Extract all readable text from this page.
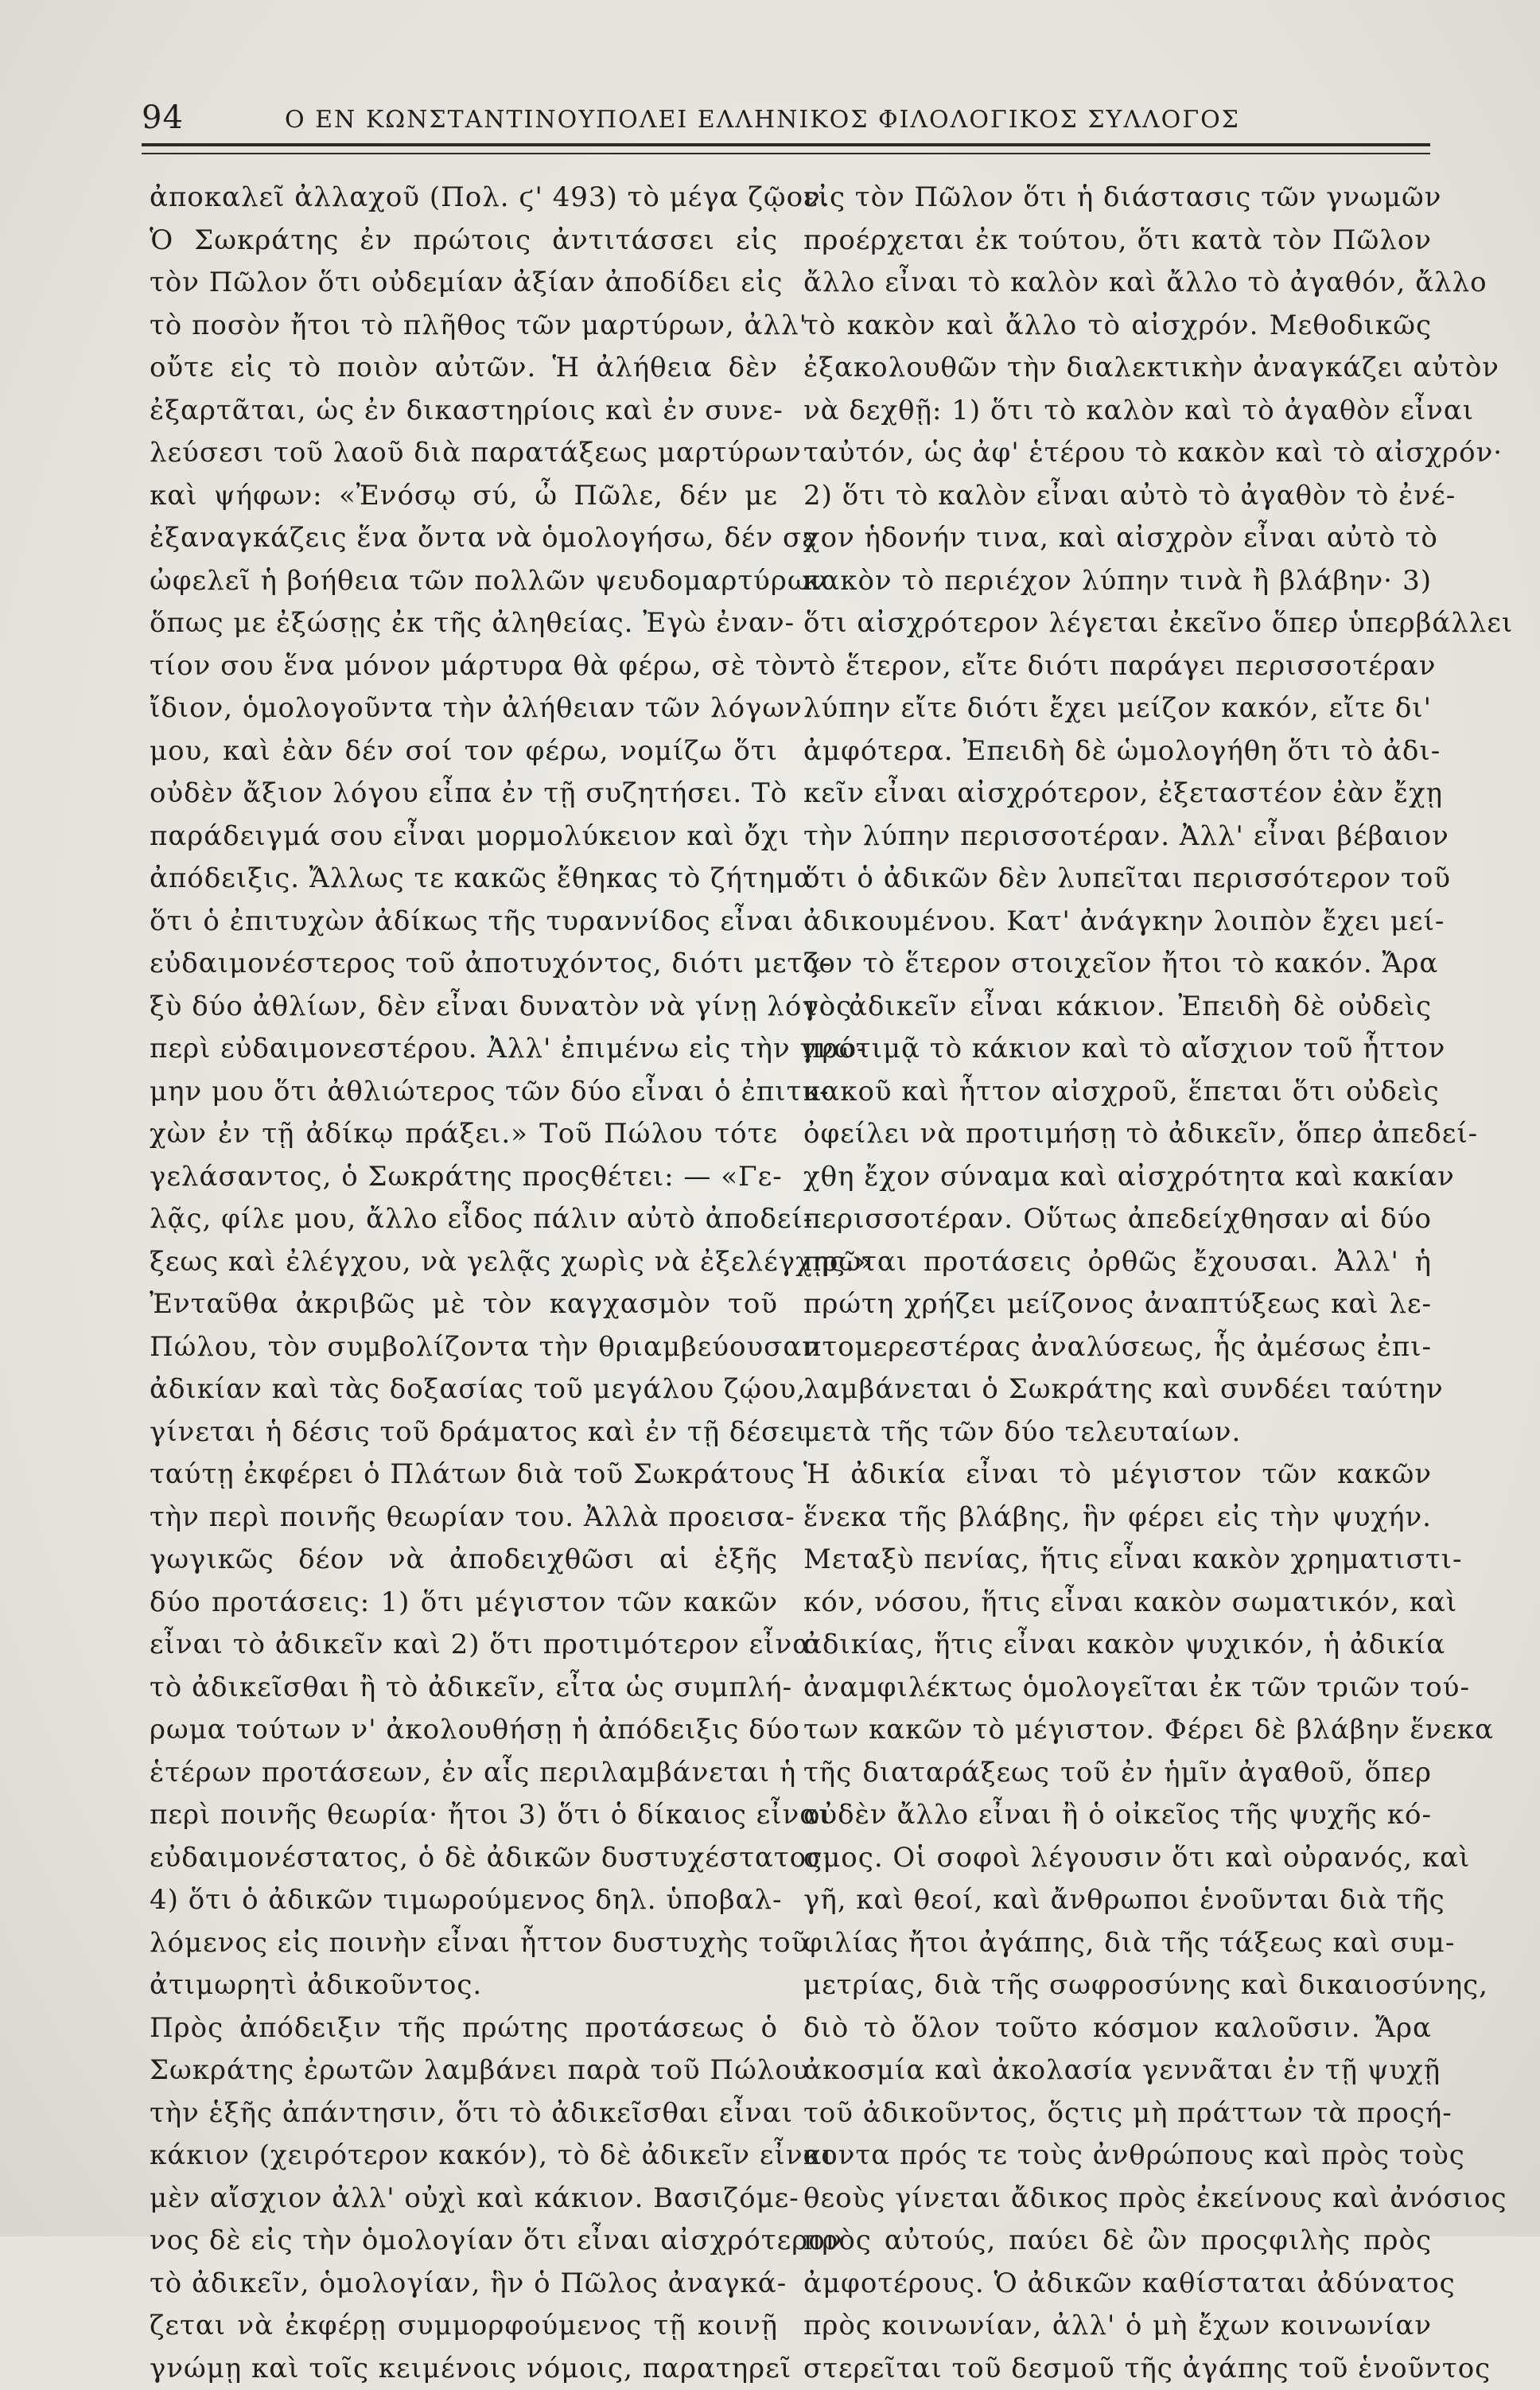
94	Ο ΕΝ ΚΩΝΣΤΑΝΤΙΝΟΥΠΟΛΕΙ ΕΛΛΗΝΙΚΟΣ ΦΙΛΟΛΟΓΙΚΟΣ ΣΥΛΛΟΓΟΣ
ἀποκαλεῖ ἀλλαχοῦ (Πολ. ϛ' 493) τὸ μέγα ζῷον.
Ὁ Σωκράτης ἐν πρώτοις ἀντιτάσσει εἰς
τὸν Πῶλον ὅτι οὐδεμίαν ἀξίαν ἀποδίδει εἰς
τὸ ποσὸν ἤτοι τὸ πλῆθος τῶν μαρτύρων, ἀλλ'
οὔτε εἰς τὸ ποιὸν αὐτῶν. Ἡ ἀλήθεια δὲν
ἐξαρτᾶται, ὡς ἐν δικαστηρίοις καὶ ἐν συνε-
λεύσεσι τοῦ λαοῦ διὰ παρατάξεως μαρτύρων
καὶ ψήφων: «Ἐνόσῳ σύ, ὦ Πῶλε, δέν με
ἐξαναγκάζεις ἕνα ὄντα νὰ ὁμολογήσω, δέν σε
ὠφελεῖ ἡ βοήθεια τῶν πολλῶν ψευδομαρτύρων
ὅπως με ἐξώσῃς ἐκ τῆς ἀληθείας. Ἐγὼ ἐναν-
τίον σου ἕνα μόνον μάρτυρα θὰ φέρω, σὲ τὸν
ἴδιον, ὁμολογοῦντα τὴν ἀλήθειαν τῶν λόγων
μου, καὶ ἐὰν δέν σοί τον φέρω, νομίζω ὅτι
οὐδὲν ἄξιον λόγου εἶπα ἐν τῇ συζητήσει. Τὸ
παράδειγμά σου εἶναι μορμολύκειον καὶ ὄχι
ἀπόδειξις. Ἄλλως τε κακῶς ἔθηκας τὸ ζήτημα
ὅτι ὁ ἐπιτυχὼν ἀδίκως τῆς τυραννίδος εἶναι
εὐδαιμονέστερος τοῦ ἀποτυχόντος, διότι μετα-
ξὺ δύο ἀθλίων, δὲν εἶναι δυνατὸν νὰ γίνῃ λόγος
περὶ εὐδαιμονεστέρου. Ἀλλ' ἐπιμένω εἰς τὴν γνώ-
μην μου ὅτι ἀθλιώτερος τῶν δύο εἶναι ὁ ἐπιτυ-
χὼν ἐν τῇ ἀδίκῳ πράξει.» Τοῦ Πώλου τότε
γελάσαντος, ὁ Σωκράτης προςθέτει: — «Γε-
λᾷς, φίλε μου, ἄλλο εἶδος πάλιν αὐτὸ ἀποδεί-
ξεως καὶ ἐλέγχου, νὰ γελᾷς χωρὶς νὰ ἐξελέγχῃς.»
Ἐνταῦθα ἀκριβῶς μὲ τὸν καγχασμὸν τοῦ
Πώλου, τὸν συμβολίζοντα τὴν θριαμβεύουσαν
ἀδικίαν καὶ τὰς δοξασίας τοῦ μεγάλου ζῴου,
γίνεται ἡ δέσις τοῦ δράματος καὶ ἐν τῇ δέσει
ταύτῃ ἐκφέρει ὁ Πλάτων διὰ τοῦ Σωκράτους
τὴν περὶ ποινῆς θεωρίαν του. Ἀλλὰ προεισα-
γωγικῶς δέον νὰ ἀποδειχθῶσι αἱ ἑξῆς
δύο προτάσεις: 1) ὅτι μέγιστον τῶν κακῶν
εἶναι τὸ ἀδικεῖν καὶ 2) ὅτι προτιμότερον εἶναι
τὸ ἀδικεῖσθαι ἢ τὸ ἀδικεῖν, εἶτα ὡς συμπλή-
ρωμα τούτων ν' ἀκολουθήσῃ ἡ ἀπόδειξις δύο
ἑτέρων προτάσεων, ἐν αἷς περιλαμβάνεται ἡ
περὶ ποινῆς θεωρία· ἤτοι 3) ὅτι ὁ δίκαιος εἶναι
εὐδαιμονέστατος, ὁ δὲ ἀδικῶν δυστυχέστατος·
4) ὅτι ὁ ἀδικῶν τιμωρούμενος δηλ. ὑποβαλ-
λόμενος εἰς ποινὴν εἶναι ἧττον δυστυχὴς τοῦ
ἀτιμωρητὶ ἀδικοῦντος.
Πρὸς ἀπόδειξιν τῆς πρώτης προτάσεως ὁ
Σωκράτης ἐρωτῶν λαμβάνει παρὰ τοῦ Πώλου
τὴν ἑξῆς ἀπάντησιν, ὅτι τὸ ἀδικεῖσθαι εἶναι
κάκιον (χειρότερον κακόν), τὸ δὲ ἀδικεῖν εἶναι
μὲν αἴσχιον ἀλλ' οὐχὶ καὶ κάκιον. Βασιζόμε-
νος δὲ εἰς τὴν ὁμολογίαν ὅτι εἶναι αἰσχρότερον
τὸ ἀδικεῖν, ὁμολογίαν, ἣν ὁ Πῶλος ἀναγκά-
ζεται νὰ ἐκφέρῃ συμμορφούμενος τῇ κοινῇ
γνώμῃ καὶ τοῖς κειμένοις νόμοις, παρατηρεῖ
εἰς τὸν Πῶλον ὅτι ἡ διάστασις τῶν γνωμῶν
προέρχεται ἐκ τούτου, ὅτι κατὰ τὸν Πῶλον
ἄλλο εἶναι τὸ καλὸν καὶ ἄλλο τὸ ἀγαθόν, ἄλλο
τὸ κακὸν καὶ ἄλλο τὸ αἰσχρόν. Μεθοδικῶς
ἐξακολουθῶν τὴν διαλεκτικὴν ἀναγκάζει αὐτὸν
νὰ δεχθῇ: 1) ὅτι τὸ καλὸν καὶ τὸ ἀγαθὸν εἶναι
ταὐτόν, ὡς ἀφ' ἑτέρου τὸ κακὸν καὶ τὸ αἰσχρόν·
2) ὅτι τὸ καλὸν εἶναι αὐτὸ τὸ ἀγαθὸν τὸ ἐνέ-
χον ἡδονήν τινα, καὶ αἰσχρὸν εἶναι αὐτὸ τὸ
κακὸν τὸ περιέχον λύπην τινὰ ἢ βλάβην· 3)
ὅτι αἰσχρότερον λέγεται ἐκεῖνο ὅπερ ὑπερβάλλει
τὸ ἕτερον, εἴτε διότι παράγει περισσοτέραν
λύπην εἴτε διότι ἔχει μείζον κακόν, εἴτε δι'
ἀμφότερα. Ἐπειδὴ δὲ ὡμολογήθη ὅτι τὸ ἀδι-
κεῖν εἶναι αἰσχρότερον, ἐξεταστέον ἐὰν ἔχῃ
τὴν λύπην περισσοτέραν. Ἀλλ' εἶναι βέβαιον
ὅτι ὁ ἀδικῶν δὲν λυπεῖται περισσότερον τοῦ
ἀδικουμένου. Κατ' ἀνάγκην λοιπὸν ἔχει μεί-
ζον τὸ ἕτερον στοιχεῖον ἤτοι τὸ κακόν. Ἄρα
τὸ ἀδικεῖν εἶναι κάκιον. Ἐπειδὴ δὲ οὐδεὶς
προτιμᾷ τὸ κάκιον καὶ τὸ αἴσχιον τοῦ ἧττον
κακοῦ καὶ ἧττον αἰσχροῦ, ἕπεται ὅτι οὐδεὶς
ὀφείλει νὰ προτιμήσῃ τὸ ἀδικεῖν, ὅπερ ἀπεδεί-
χθη ἔχον σύναμα καὶ αἰσχρότητα καὶ κακίαν
περισσοτέραν. Οὕτως ἀπεδείχθησαν αἱ δύο
πρῶται προτάσεις ὀρθῶς ἔχουσαι. Ἀλλ' ἡ
πρώτη χρήζει μείζονος ἀναπτύξεως καὶ λε-
πτομερεστέρας ἀναλύσεως, ἧς ἀμέσως ἐπι-
λαμβάνεται ὁ Σωκράτης καὶ συνδέει ταύτην
μετὰ τῆς τῶν δύο τελευταίων.
Ἡ ἀδικία εἶναι τὸ μέγιστον τῶν κακῶν
ἕνεκα τῆς βλάβης, ἣν φέρει εἰς τὴν ψυχήν.
Μεταξὺ πενίας, ἥτις εἶναι κακὸν χρηματιστι-
κόν, νόσου, ἥτις εἶναι κακὸν σωματικόν, καὶ
ἀδικίας, ἥτις εἶναι κακὸν ψυχικόν, ἡ ἀδικία
ἀναμφιλέκτως ὁμολογεῖται ἐκ τῶν τριῶν τού-
των κακῶν τὸ μέγιστον. Φέρει δὲ βλάβην ἕνεκα
τῆς διαταράξεως τοῦ ἐν ἡμῖν ἀγαθοῦ, ὅπερ
οὐδὲν ἄλλο εἶναι ἢ ὁ οἰκεῖος τῆς ψυχῆς κό-
σμος. Οἱ σοφοὶ λέγουσιν ὅτι καὶ οὐρανός, καὶ
γῆ, καὶ θεοί, καὶ ἄνθρωποι ἑνοῦνται διὰ τῆς
φιλίας ἤτοι ἀγάπης, διὰ τῆς τάξεως καὶ συμ-
μετρίας, διὰ τῆς σωφροσύνης καὶ δικαιοσύνης,
διὸ τὸ ὅλον τοῦτο κόσμον καλοῦσιν. Ἄρα
ἀκοσμία καὶ ἀκολασία γεννᾶται ἐν τῇ ψυχῇ
τοῦ ἀδικοῦντος, ὅςτις μὴ πράττων τὰ προςή-
κοντα πρός τε τοὺς ἀνθρώπους καὶ πρὸς τοὺς
θεοὺς γίνεται ἄδικος πρὸς ἐκείνους καὶ ἀνόσιος
πρὸς αὐτούς, παύει δὲ ὢν προςφιλὴς πρὸς
ἀμφοτέρους. Ὁ ἀδικῶν καθίσταται ἀδύνατος
πρὸς κοινωνίαν, ἀλλ' ὁ μὴ ἔχων κοινωνίαν
στερεῖται τοῦ δεσμοῦ τῆς ἀγάπης τοῦ ἑνοῦντος
